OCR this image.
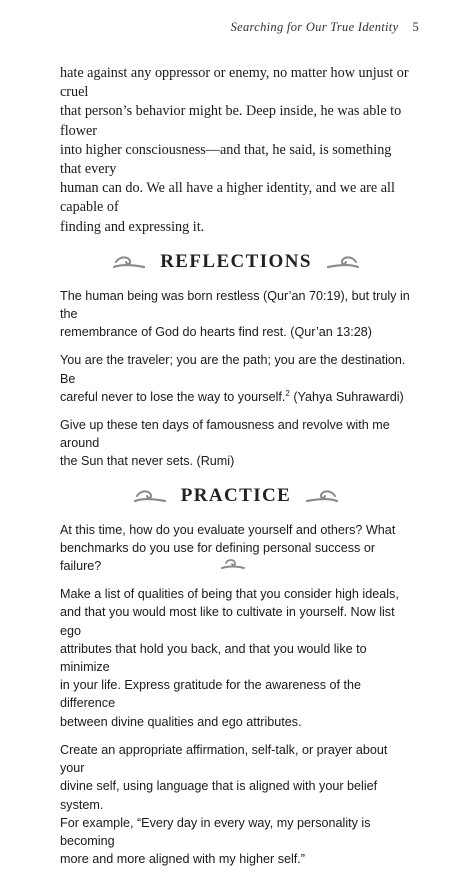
Searching for Our True Identity 5

hate against any oppressor or enemy, no matter how unjust or cruel
that person’s behavior might be. Deep inside, he was able to flower
into higher consciousness—and that, he said, is something that every
human can do. We all have a higher identity, and we are all capable of
finding and expressing it.

REFLECTIONS

The human being was born restless (Qur’an 70:19), but truly in the
remembrance of God do hearts find rest. (Qur’an 13:28)

You are the traveler; you are the path; you are the destination. Be
careful never to lose the way to yourself.$^2$ (Yahya Suhrawardi)

Give up these ten days of famousness and revolve with me around
the Sun that never sets. (Rumi)

PRACTICE

At this time, how do you evaluate yourself and others? What
benchmarks do you use for defining personal success or failure?

Make a list of qualities of being that you consider high ideals,
and that you would most like to cultivate in yourself. Now list ego
attributes that hold you back, and that you would like to minimize
in your life. Express gratitude for the awareness of the difference
between divine qualities and ego attributes.

Create an appropriate affirmation, self-talk, or prayer about your
divine self, using language that is aligned with your belief system.
For example, “Every day in every way, my personality is becoming
more and more aligned with my higher self.”
